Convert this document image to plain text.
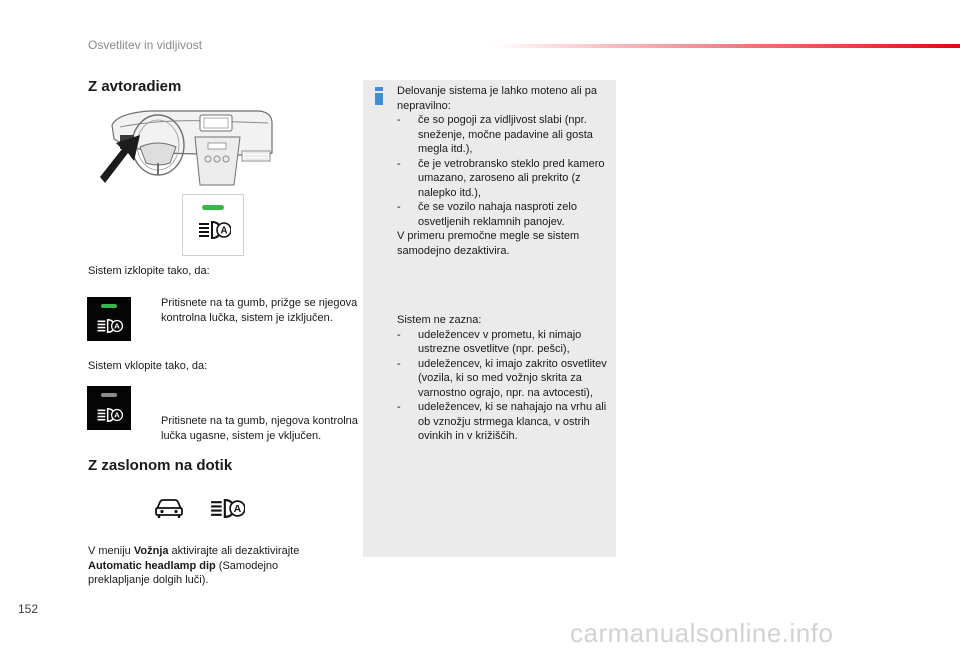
Osvetlitev in vidljivost
Z avtoradiem
A
Sistem izklopite tako, da:
A
Pritisnete na ta gumb, prižge se njegova kontrolna lučka, sistem je izključen.
Sistem vklopite tako, da:
A	Pritisnete na ta gumb, njegova kontrolna lučka ugasne, sistem je vključen.
Z zaslonom na dotik
A
V meniju Vožnja aktivirajte ali dezaktivirajte Automatic headlamp dip (Samodejno preklapljanje dolgih luči).
Delovanje sistema je lahko moteno ali pa nepravilno:
- če so pogoji za vidljivost slabi (npr. sneženje, močne padavine ali gosta megla itd.),
- če je vetrobransko steklo pred kamero umazano, zaroseno ali prekrito (z nalepko itd.),
- če se vozilo nahaja nasproti zelo osvetljenih reklamnih panojev.
V primeru premočne megle se sistem samodejno dezaktivira.
Sistem ne zazna:
- udeležencev v prometu, ki nimajo ustrezne osvetlitve (npr. pešci),
- udeležencev, ki imajo zakrito osvetlitev (vozila, ki so med vožnjo skrita za varnostno ograjo, npr. na avtocesti),
- udeležencev, ki se nahajajo na vrhu ali ob vznožju strmega klanca, v ostrih ovinkih in v križiščih.
152
carmanualsonline.info
